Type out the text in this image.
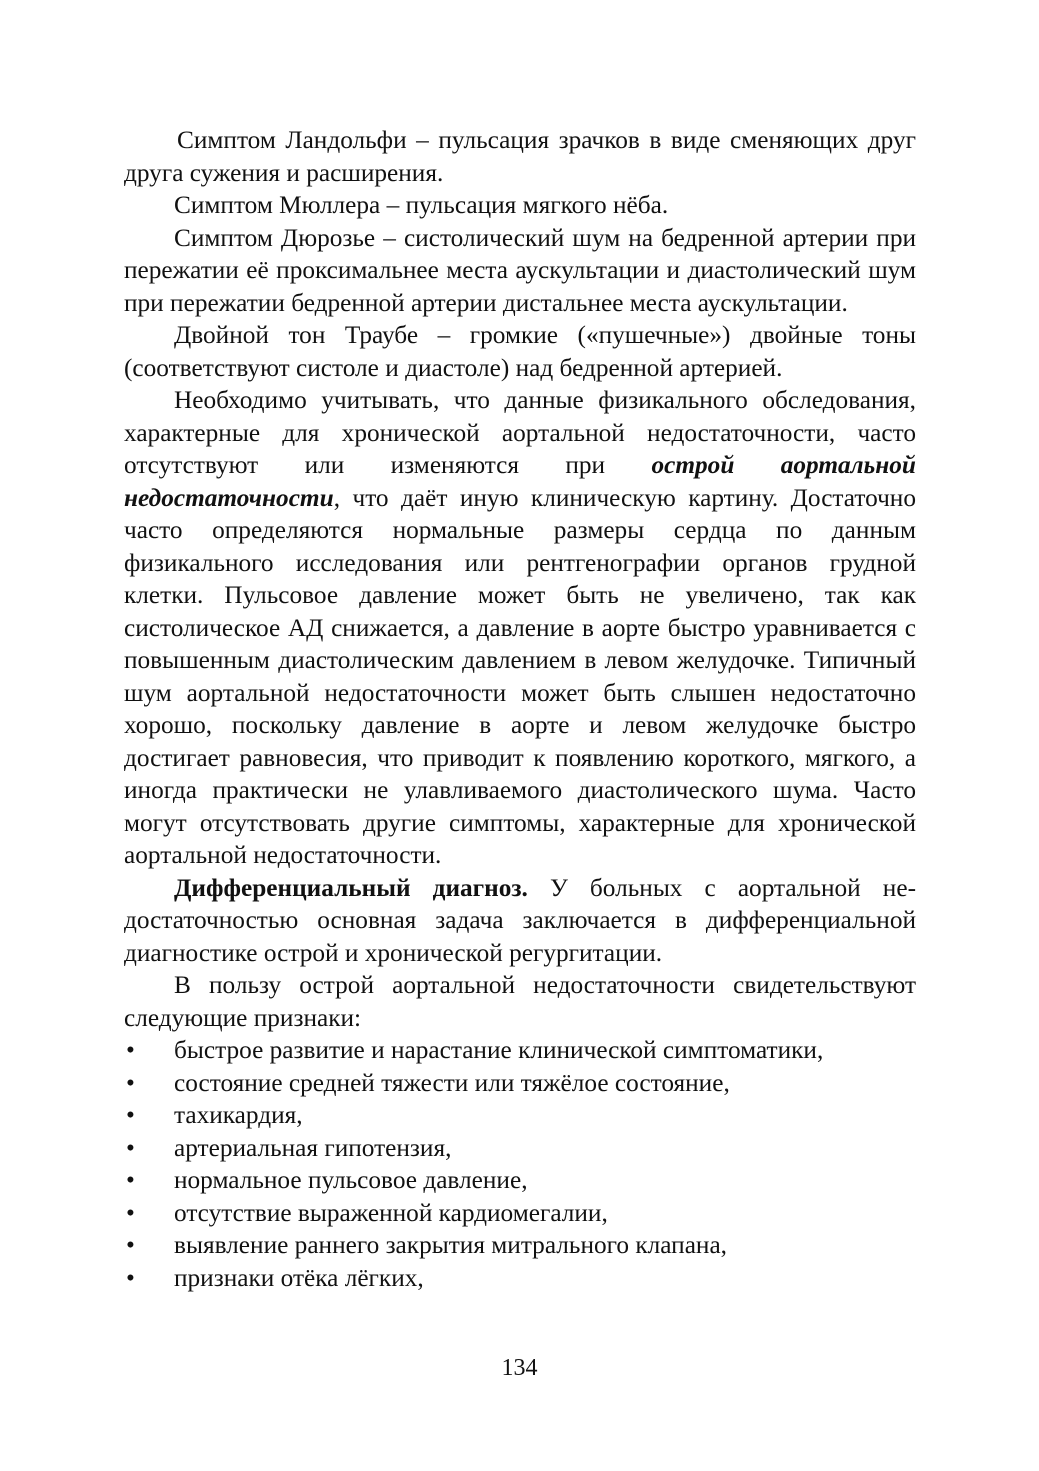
Симптом Ландольфи – пульсация зрачков в виде сменяющих друг друга сужения и расширения.

Симптом Мюллера – пульсация мягкого нёба.

Симптом Дюрозье – систолический шум на бедренной артерии при пережатии её проксимальнее места аускультации и диастолический шум при пережатии бедренной артерии дистальнее места аускультации.

Двойной тон Траубе – громкие («пушечные») двойные тоны (соответствуют систоле и диастоле) над бедренной артерией.

Необходимо учитывать, что данные физикального обследования, характерные для хронической аортальной недостаточности, часто отсутствуют или изменяются при острой аортальной недостаточности, что даёт иную клиническую картину. Достаточно часто определяются нормальные размеры сердца по данным физикального исследования или рентгенографии органов грудной клетки. Пульсовое давление может быть не увеличено, так как систолическое АД снижается, а давление в аорте быстро уравнивается с повышенным диастолическим давлением в левом желудочке. Типичный шум аортальной недостаточности может быть слышен недостаточно хорошо, поскольку давление в аорте и левом желудочке быстро достигает равновесия, что приводит к появлению короткого, мягкого, а иногда практически не улавливаемого диастолического шума. Часто могут отсутствовать другие симптомы, характерные для хронической аортальной недостаточности.

Дифференциальный диагноз. У больных с аортальной недостаточностью основная задача заключается в дифференциальной диагностике острой и хронической регургитации.

В пользу острой аортальной недостаточности свидетельствуют следующие признаки:

• быстрое развитие и нарастание клинической симптоматики,
• состояние средней тяжести или тяжёлое состояние,
• тахикардия,
• артериальная гипотензия,
• нормальное пульсовое давление,
• отсутствие выраженной кардиомегалии,
• выявление раннего закрытия митрального клапана,
• признаки отёка лёгких,
134
